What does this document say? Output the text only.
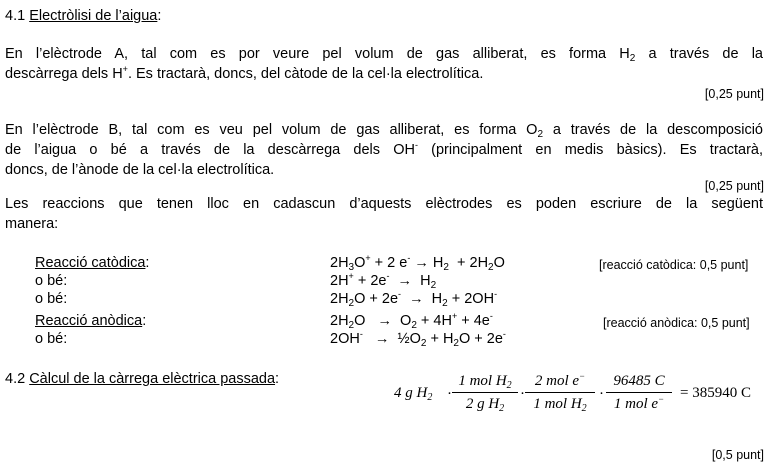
4.1 Electròlisi de l’aigua:
En l’elèctrode A, tal com es por veure pel volum de gas alliberat, es forma $H_2$ a través de la
descàrrega dels H+. Es tractarà, doncs, del càtode de la cel·la electrolítica.
[0,25 punt]
En l’elèctrode B, tal com es veu pel volum de gas alliberat, es forma $O_2$ a través de la descomposició
de l’aigua o bé a través de la descàrrega dels OH- (principalment en medis bàsics). Es tractarà,
doncs, de l’ànode de la cel·la electrolítica.
[0,25 punt]
Les reaccions que tenen lloc en cadascun d’aquests elèctrodes es poden escriure de la següent
manera:
Reacció catòdica:
o bé:
o bé:
Reacció anòdica:
o bé:
$2H_3O^+ + 2$ $e^- \to H_2 + 2H_2O$
$2H^+ + 2e^- \to H_2$
$2H_2O + 2e^- \to H_2 + 2OH^-$
$2H_2O \to O_2 + 4H^+ + 4e^-$
$2OH^- \to \frac{1}{2}O_2 + H_2O + 2e^-$
[reacció catòdica: 0,5 punt]
[reacció anòdica: 0,5 punt]
4.2 Càlcul de la càrrega elèctrica passada:
4 g $H_2$ ·
1 mol $H_2$
2 g $H_2$
·
2 mol e−
1 mol $H_2$
·
96485 C
1 mol e−	= 385940 C
[0,5 punt]
